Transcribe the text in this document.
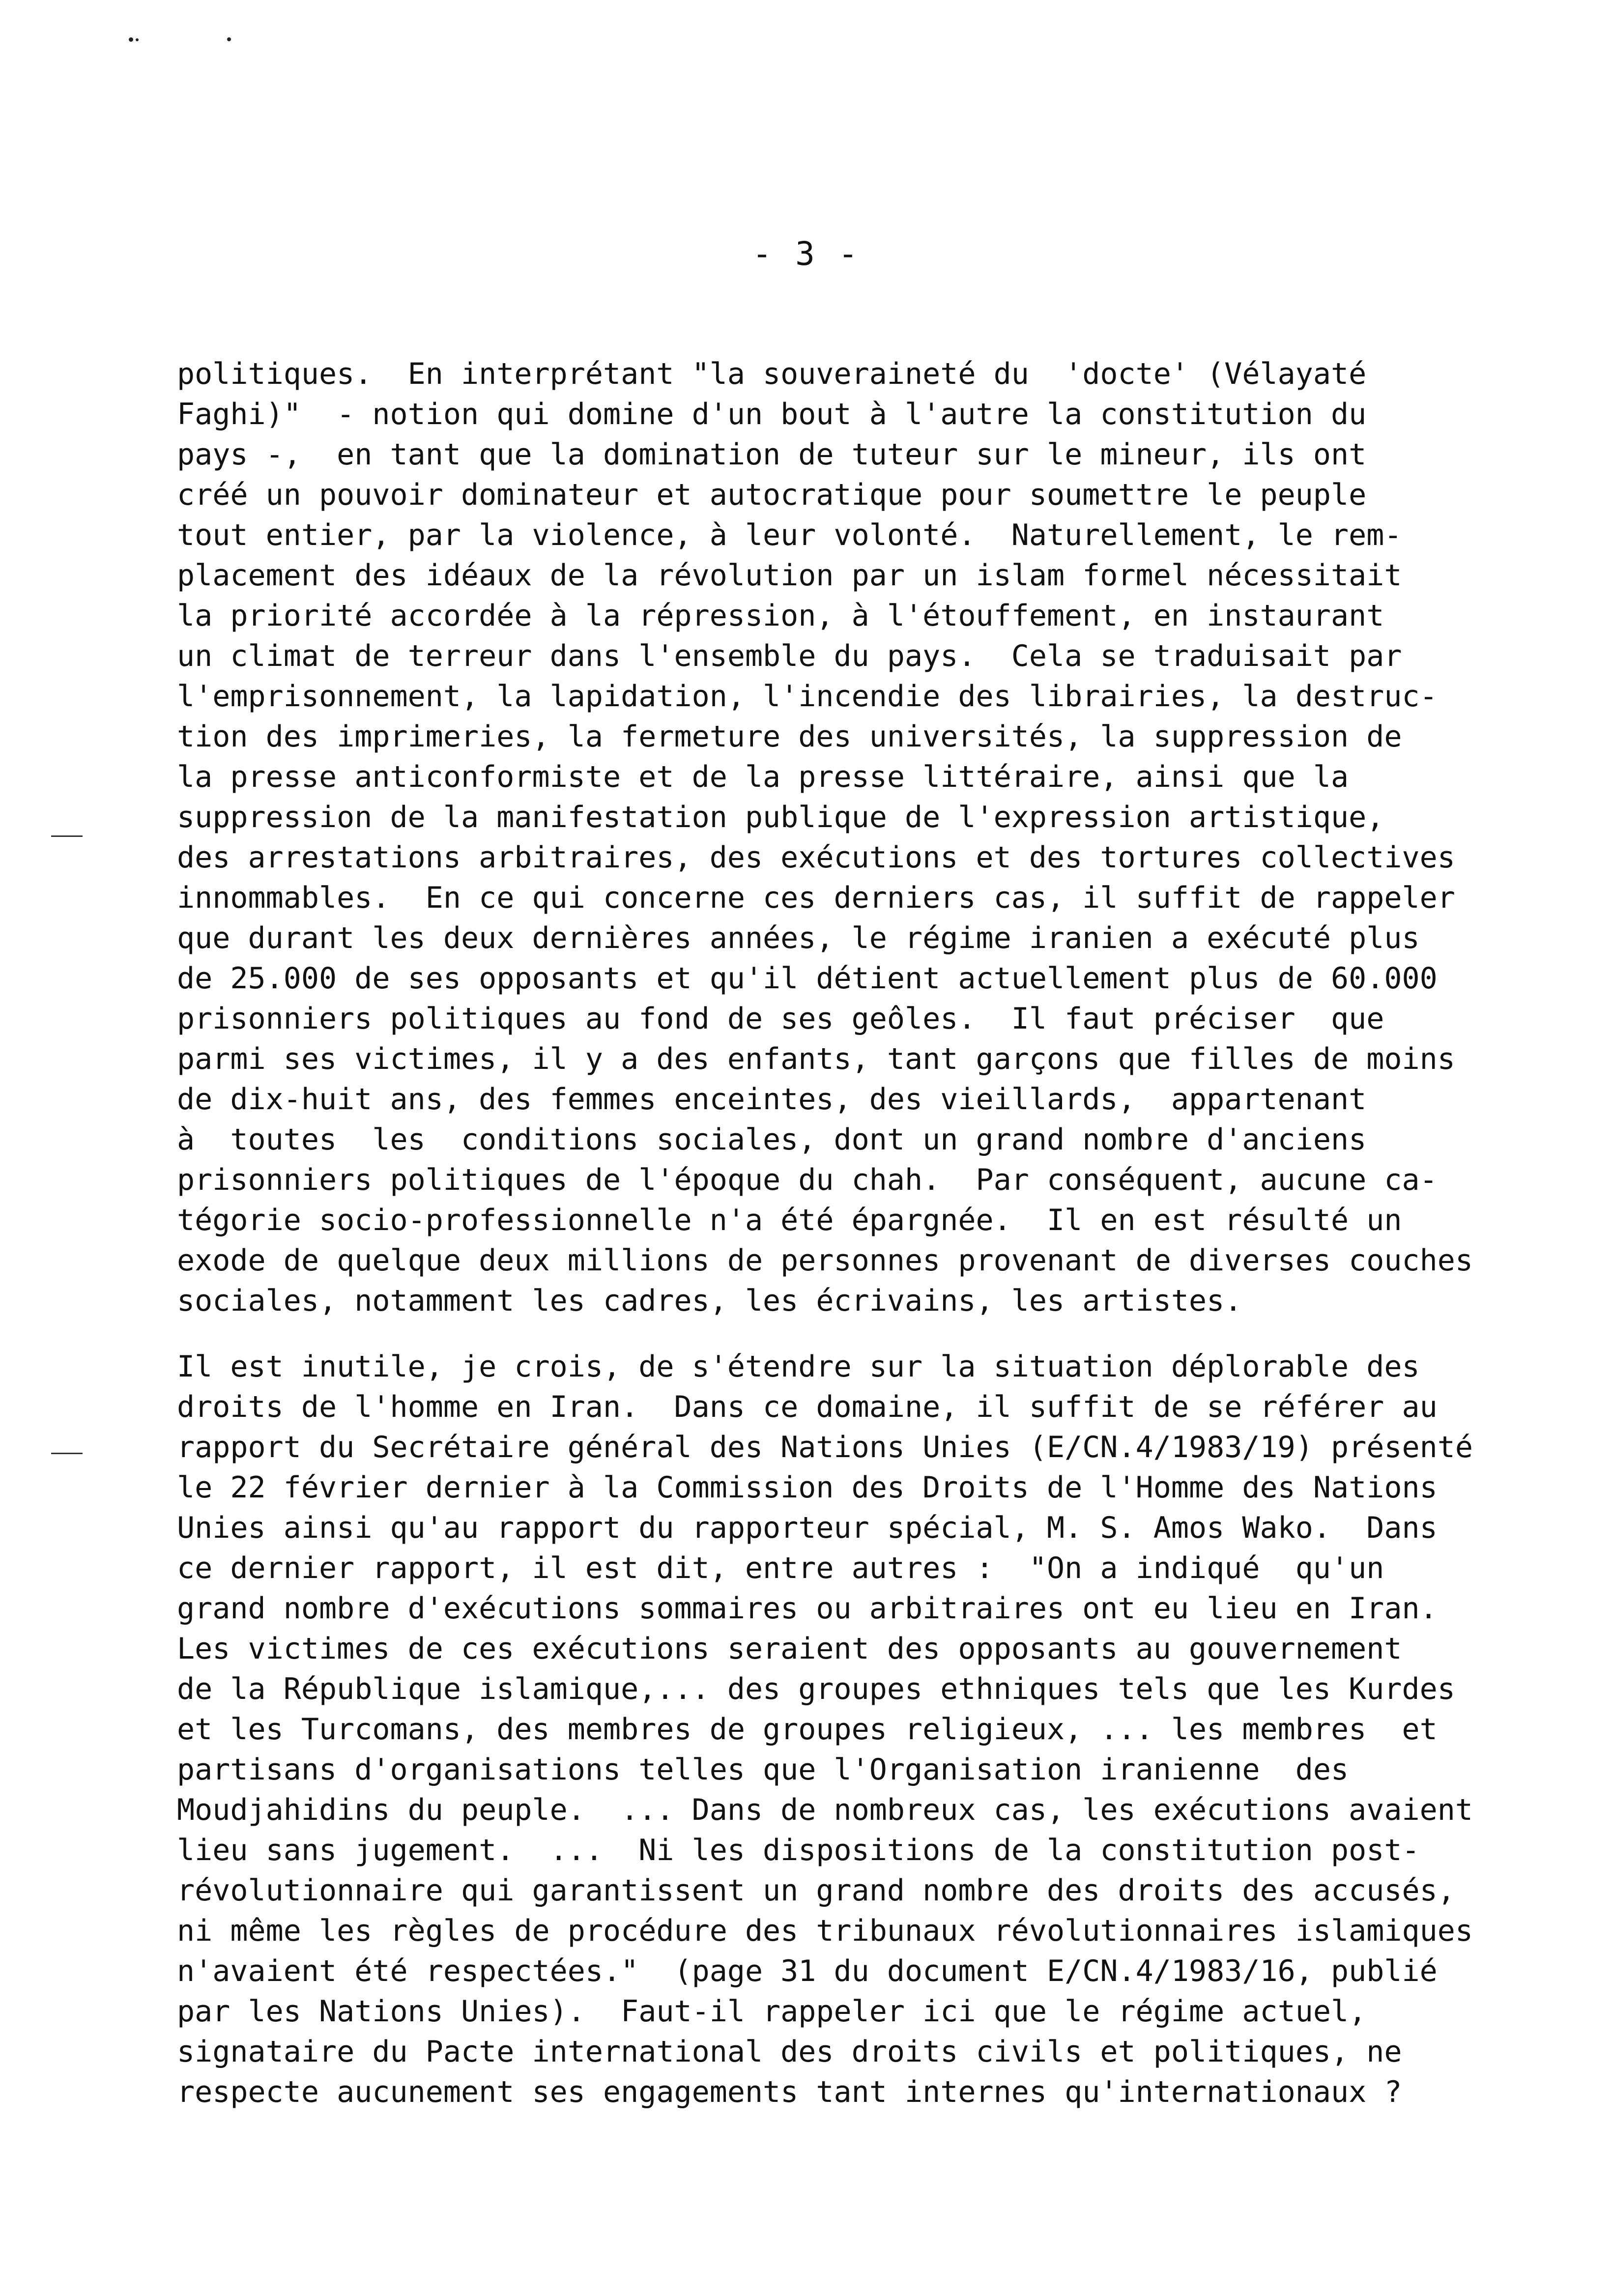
- 3 -
politiques.  En interprétant "la souveraineté du  'docte' (Vélayaté
Faghi)"  - notion qui domine d'un bout à l'autre la constitution du
pays -,  en tant que la domination de tuteur sur le mineur, ils ont
créé un pouvoir dominateur et autocratique pour soumettre le peuple
tout entier, par la violence, à leur volonté.  Naturellement, le rem-
placement des idéaux de la révolution par un islam formel nécessitait
la priorité accordée à la répression, à l'étouffement, en instaurant
un climat de terreur dans l'ensemble du pays.  Cela se traduisait par
l'emprisonnement, la lapidation, l'incendie des librairies, la destruc-
tion des imprimeries, la fermeture des universités, la suppression de
la presse anticonformiste et de la presse littéraire, ainsi que la
suppression de la manifestation publique de l'expression artistique,
des arrestations arbitraires, des exécutions et des tortures collectives
innommables.  En ce qui concerne ces derniers cas, il suffit de rappeler
que durant les deux dernières années, le régime iranien a exécuté plus
de 25.000 de ses opposants et qu'il détient actuellement plus de 60.000
prisonniers politiques au fond de ses geôles.  Il faut préciser  que
parmi ses victimes, il y a des enfants, tant garçons que filles de moins
de dix-huit ans, des femmes enceintes, des vieillards,  appartenant
à  toutes  les  conditions sociales, dont un grand nombre d'anciens
prisonniers politiques de l'époque du chah.  Par conséquent, aucune ca-
tégorie socio-professionnelle n'a été épargnée.  Il en est résulté un
exode de quelque deux millions de personnes provenant de diverses couches
sociales, notamment les cadres, les écrivains, les artistes.
Il est inutile, je crois, de s'étendre sur la situation déplorable des
droits de l'homme en Iran.  Dans ce domaine, il suffit de se référer au
rapport du Secrétaire général des Nations Unies (E/CN.4/1983/19) présenté
le 22 février dernier à la Commission des Droits de l'Homme des Nations
Unies ainsi qu'au rapport du rapporteur spécial, M. S. Amos Wako.  Dans
ce dernier rapport, il est dit, entre autres :  "On a indiqué  qu'un
grand nombre d'exécutions sommaires ou arbitraires ont eu lieu en Iran.
Les victimes de ces exécutions seraient des opposants au gouvernement
de la République islamique,... des groupes ethniques tels que les Kurdes
et les Turcomans, des membres de groupes religieux, ... les membres  et
partisans d'organisations telles que l'Organisation iranienne  des
Moudjahidins du peuple.  ... Dans de nombreux cas, les exécutions avaient
lieu sans jugement.  ...  Ni les dispositions de la constitution post-
révolutionnaire qui garantissent un grand nombre des droits des accusés,
ni même les règles de procédure des tribunaux révolutionnaires islamiques
n'avaient été respectées."  (page 31 du document E/CN.4/1983/16, publié
par les Nations Unies).  Faut-il rappeler ici que le régime actuel,
signataire du Pacte international des droits civils et politiques, ne
respecte aucunement ses engagements tant internes qu'internationaux ?
